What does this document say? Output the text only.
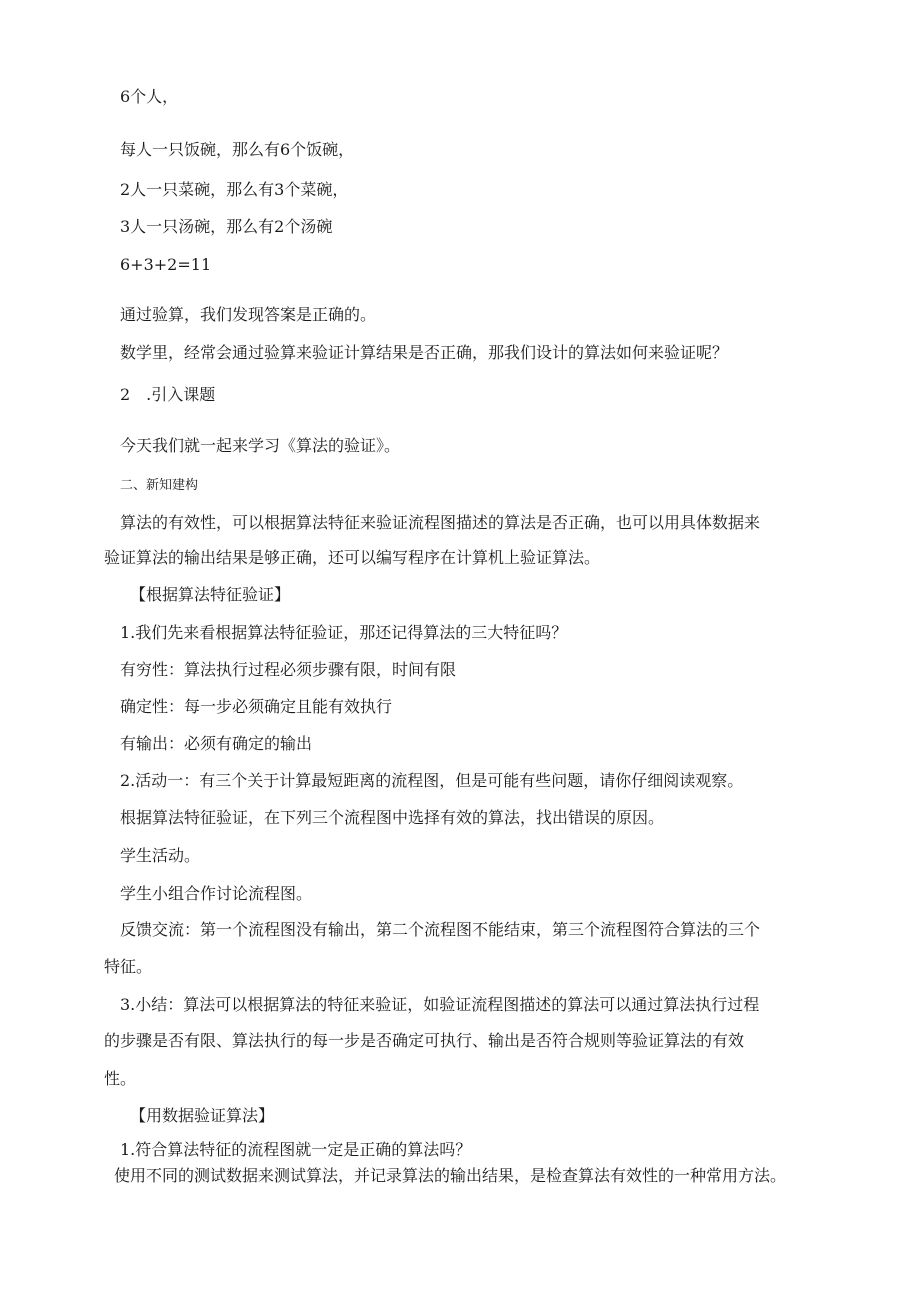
6个人，
每人一只饭碗，那么有6个饭碗，
2人一只菜碗，那么有3个菜碗，
3人一只汤碗，那么有2个汤碗
6+3+2=11
通过验算，我们发现答案是正确的。
数学里，经常会通过验算来验证计算结果是否正确，那我们设计的算法如何来验证呢？
2　.引入课题
今天我们就一起来学习《算法的验证》。
二、新知建构
算法的有效性，可以根据算法特征来验证流程图描述的算法是否正确，也可以用具体数据来
验证算法的输出结果是够正确，还可以编写程序在计算机上验证算法。
【根据算法特征验证】
1.我们先来看根据算法特征验证，那还记得算法的三大特征吗？
有穷性：算法执行过程必须步骤有限，时间有限
确定性：每一步必须确定且能有效执行
有输出：必须有确定的输出
2.活动一：有三个关于计算最短距离的流程图，但是可能有些问题，请你仔细阅读观察。
根据算法特征验证，在下列三个流程图中选择有效的算法，找出错误的原因。
学生活动。
学生小组合作讨论流程图。
反馈交流：第一个流程图没有输出，第二个流程图不能结束，第三个流程图符合算法的三个
特征。
3.小结：算法可以根据算法的特征来验证，如验证流程图描述的算法可以通过算法执行过程
的步骤是否有限、算法执行的每一步是否确定可执行、输出是否符合规则等验证算法的有效
性。
【用数据验证算法】
1.符合算法特征的流程图就一定是正确的算法吗？
使用不同的测试数据来测试算法，并记录算法的输出结果，是检查算法有效性的一种常用方法。
